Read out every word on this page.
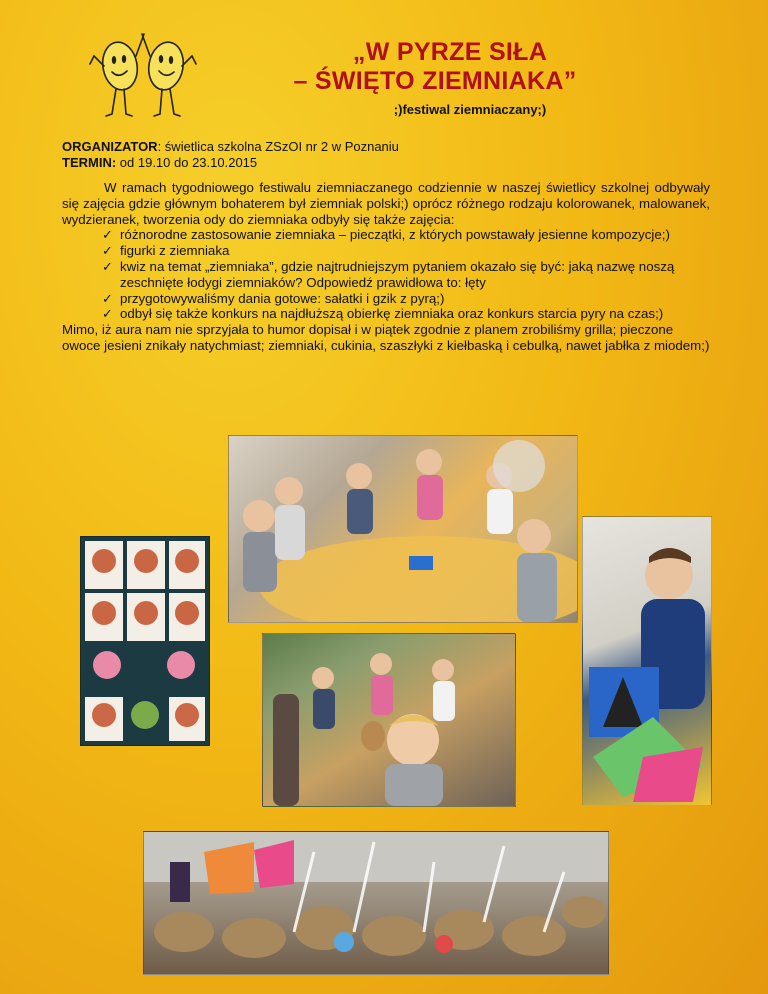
„W PYRZE SIŁA
– ŚWIĘTO ZIEMNIAKA”
;)festiwal ziemniaczany;)
ORGANIZATOR: świetlica szkolna ZSzOI nr 2 w Poznaniu
TERMIN: od 19.10 do 23.10.2015

W ramach tygodniowego festiwalu ziemniaczanego codziennie w naszej świetlicy szkolnej odbywały się zajęcia gdzie głównym bohaterem był ziemniak polski;) oprócz różnego rodzaju kolorowanek, malowanek, wydzieranek, tworzenia ody do ziemniaka odbyły się także zajęcia:

✓ różnorodne zastosowanie ziemniaka – pieczątki, z których powstawały jesienne kompozycje;)
✓ figurki z ziemniaka
✓ kwiz na temat „ziemniaka”, gdzie najtrudniejszym pytaniem okazało się być: jaką nazwę noszą zeschnięte łodygi ziemniaków? Odpowiedź prawidłowa to: łęty
✓ przygotowywaliśmy dania gotowe: sałatki i gzik z pyrą;)
✓ odbył się także konkurs na najdłuższą obierkę ziemniaka oraz konkurs starcia pyry na czas;)

Mimo, iż aura nam nie sprzyjała to humor dopisał i w piątek zgodnie z planem zrobiliśmy grilla; pieczone owoce jesieni znikały natychmiast; ziemniaki, cukinia, szaszłyki z kiełbaską i cebulką, nawet jabłka z miodem;)
